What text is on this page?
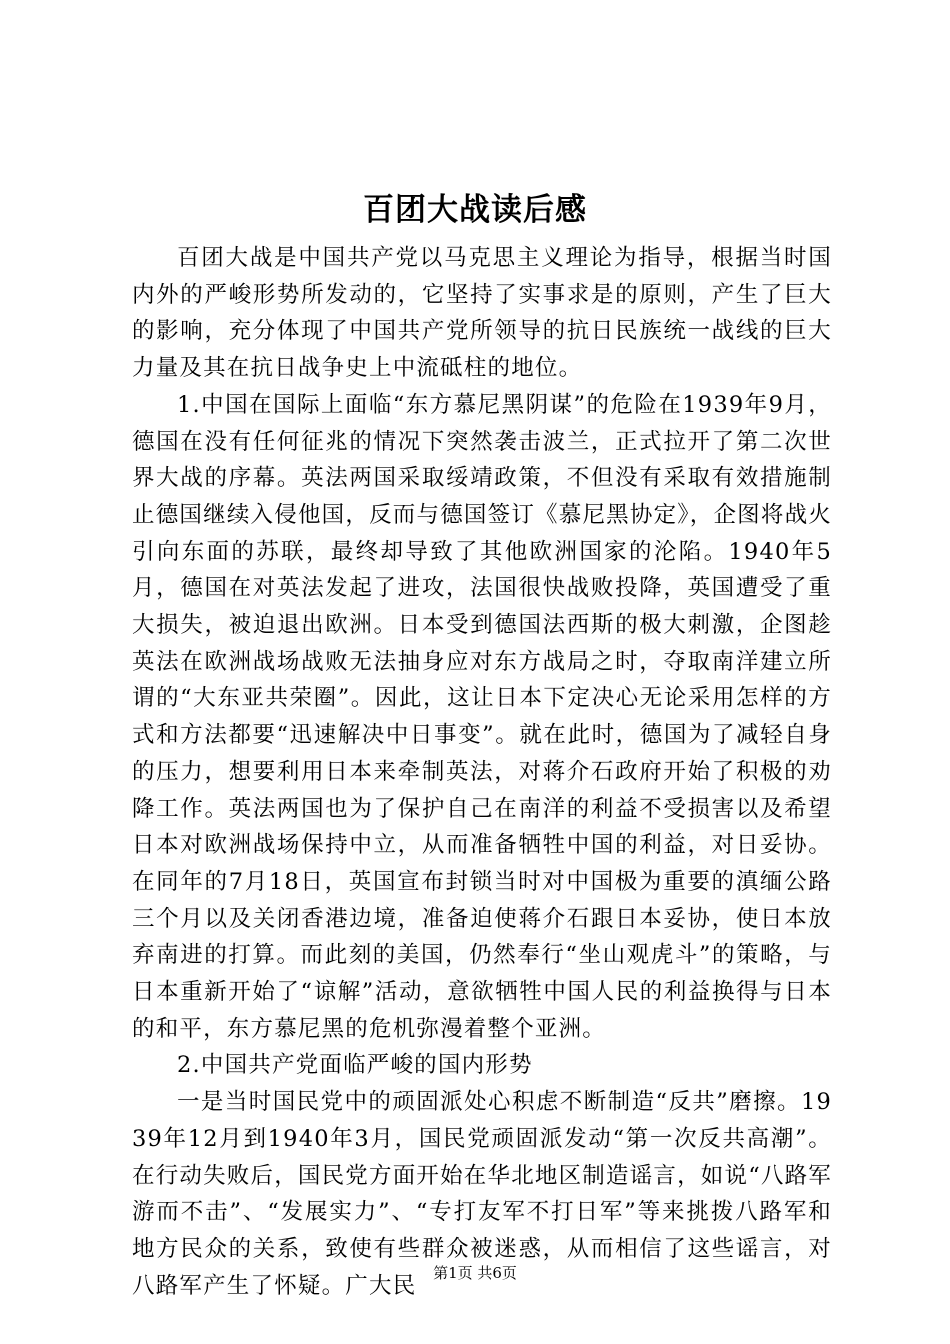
百团大战读后感

百团大战是中国共产党以马克思主义理论为指导，根据当时国内外的严峻形势所发动的，它坚持了实事求是的原则，产生了巨大的影响，充分体现了中国共产党所领导的抗日民族统一战线的巨大力量及其在抗日战争史上中流砥柱的地位。

1.中国在国际上面临“东方慕尼黑阴谋”的危险在1939年9月，德国在没有任何征兆的情况下突然袭击波兰，正式拉开了第二次世界大战的序幕。英法两国采取绥靖政策，不但没有采取有效措施制止德国继续入侵他国，反而与德国签订《慕尼黑协定》，企图将战火引向东面的苏联，最终却导致了其他欧洲国家的沦陷。1940年5月，德国在对英法发起了进攻，法国很快战败投降，英国遭受了重大损失，被迫退出欧洲。日本受到德国法西斯的极大刺激，企图趁英法在欧洲战场战败无法抽身应对东方战局之时，夺取南洋建立所谓的“大东亚共荣圈”。因此，这让日本下定决心无论采用怎样的方式和方法都要“迅速解决中日事变”。就在此时，德国为了减轻自身的压力，想要利用日本来牵制英法，对蒋介石政府开始了积极的劝降工作。英法两国也为了保护自己在南洋的利益不受损害以及希望日本对欧洲战场保持中立，从而准备牺牲中国的利益，对日妥协。在同年的7月18日，英国宣布封锁当时对中国极为重要的滇缅公路三个月以及关闭香港边境，准备迫使蒋介石跟日本妥协，使日本放弃南进的打算。而此刻的美国，仍然奉行“坐山观虎斗”的策略，与日本重新开始了“谅解”活动，意欲牺牲中国人民的利益换得与日本的和平，东方慕尼黑的危机弥漫着整个亚洲。

2.中国共产党面临严峻的国内形势

一是当时国民党中的顽固派处心积虑不断制造“反共”磨擦。1939年12月到1940年3月，国民党顽固派发动“第一次反共高潮”。在行动失败后，国民党方面开始在华北地区制造谣言，如说“八路军游而不击”、“发展实力”、“专打友军不打日军”等来挑拨八路军和地方民众的关系，致使有些群众被迷惑，从而相信了这些谣言，对八路军产生了怀疑。广大民	第1页 共6页
